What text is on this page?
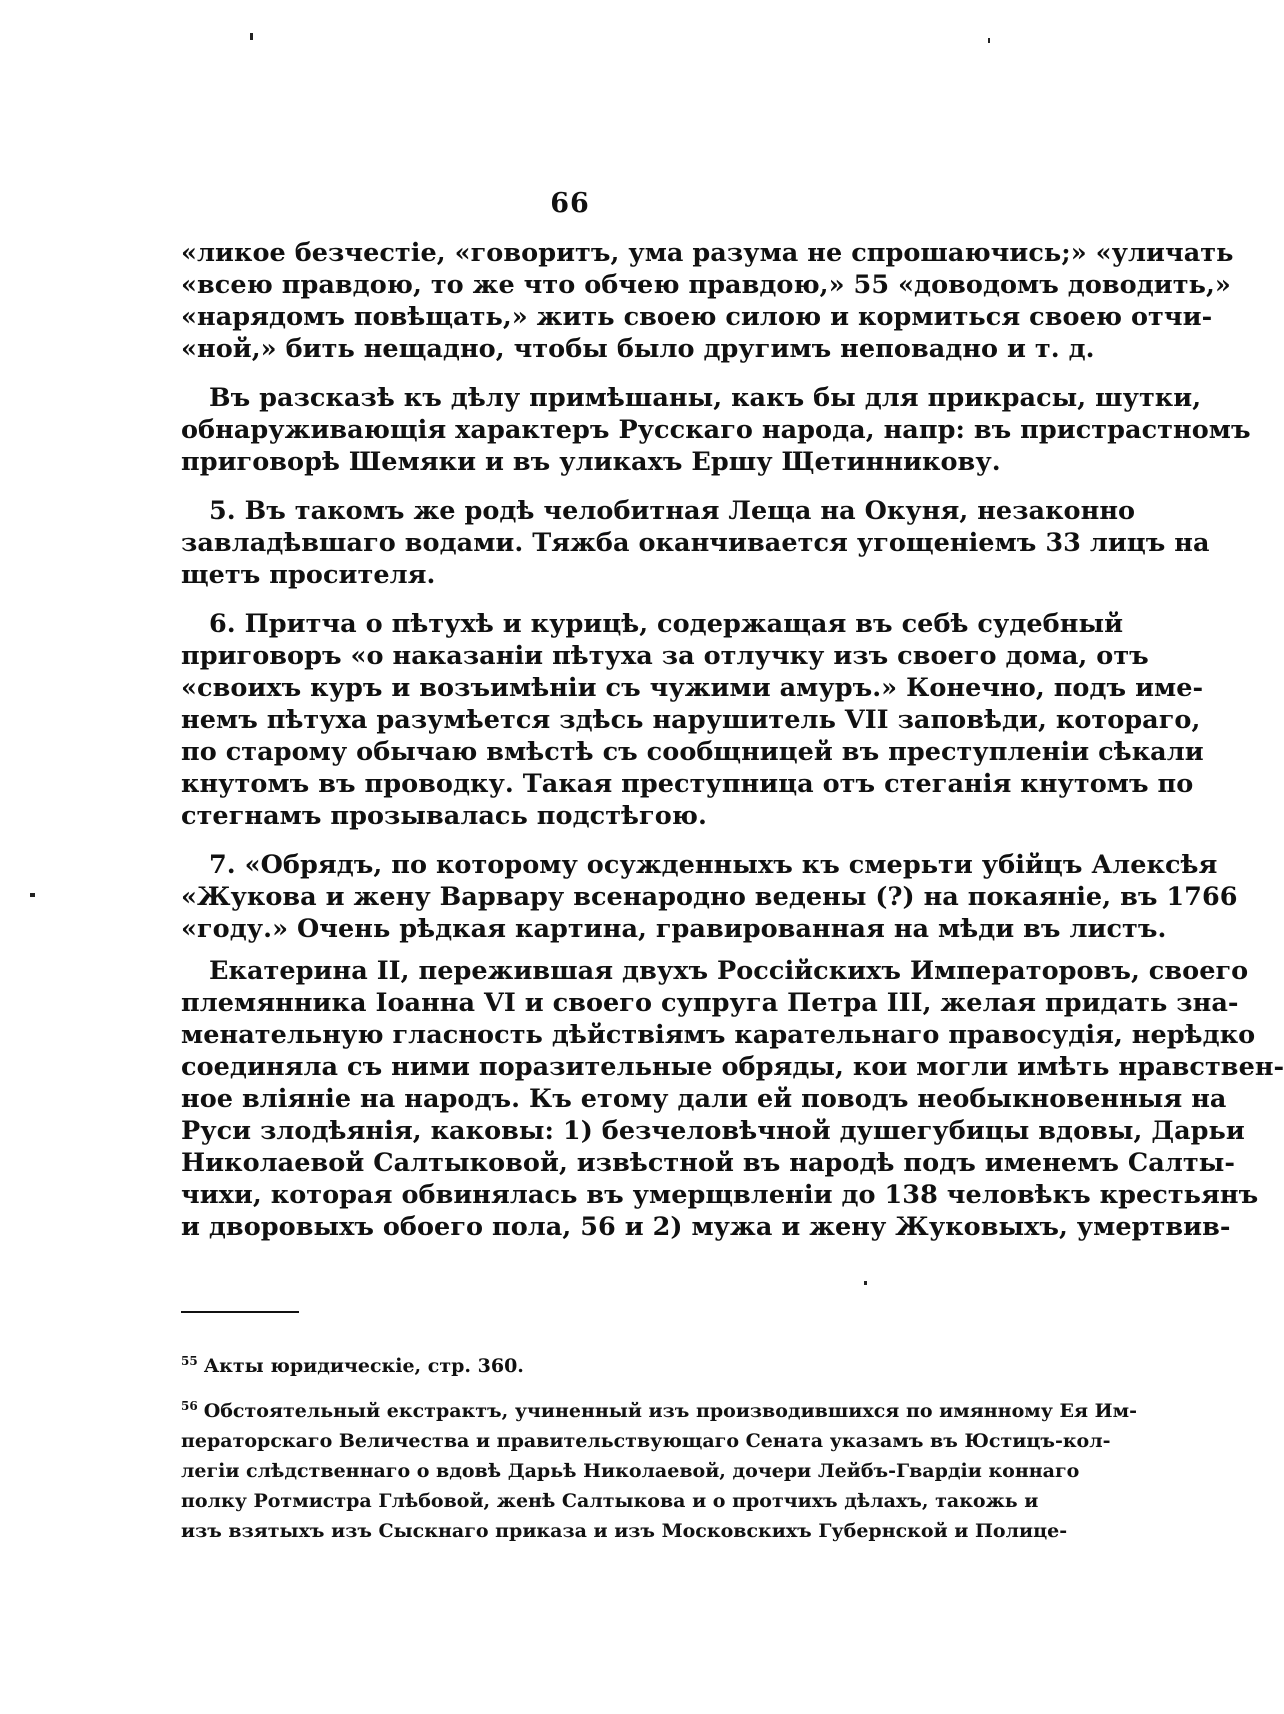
66
«ликое безчестіе, «говоритъ, ума разума не спрошаючись;» «уличать
«всею правдою, то же что обчею правдою,» 55 «доводомъ доводить,»
«нарядомъ повѣщать,» жить своею силою и кормиться своею отчи-
«ной,» бить нещадно, чтобы было другимъ неповадно и т. д.
Въ разсказѣ къ дѣлу примѣшаны, какъ бы для прикрасы, шутки,
обнаруживающія характеръ Русскаго народа, напр: въ пристрастномъ
приговорѣ Шемяки и въ уликахъ Ершу Щетинникову.
5. Въ такомъ же родѣ челобитная Леща на Окуня, незаконно
завладѣвшаго водами. Тяжба оканчивается угощеніемъ 33 лицъ на
щетъ просителя.
6. Притча о пѣтухѣ и курицѣ, содержащая въ себѣ судебный
приговоръ «о наказаніи пѣтуха за отлучку изъ своего дома, отъ
«своихъ куръ и возъимѣніи съ чужими амуръ.» Конечно, подъ име-
немъ пѣтуха разумѣется здѣсь нарушитель VII заповѣди, котораго,
по старому обычаю вмѣстѣ съ сообщницей въ преступленіи сѣкали
кнутомъ въ проводку. Такая преступница отъ стеганія кнутомъ по
стегнамъ прозывалась подстѣгою.
7. «Обрядъ, по которому осужденныхъ къ смерьти убійцъ Алексѣя
«Жукова и жену Варвару всенародно ведены (?) на покаяніе, въ 1766
«году.» Очень рѣдкая картина, гравированная на мѣди въ листъ.
Екатерина II, пережившая двухъ Россійскихъ Императоровъ, своего
племянника Іоанна VI и своего супруга Петра III, желая придать зна-
менательную гласность дѣйствіямъ карательнаго правосудія, нерѣдко
соединяла съ ними поразительные обряды, кои могли имѣть нравствен-
ное вліяніе на народъ. Къ етому дали ей поводъ необыкновенныя на
Руси злодѣянія, каковы: 1) безчеловѣчной душегубицы вдовы, Дарьи
Николаевой Салтыковой, извѣстной въ народѣ подъ именемъ Салты-
чихи, которая обвинялась въ умерщвленіи до 138 человѣкъ крестьянъ
и дворовыхъ обоего пола, 56 и 2) мужа и жену Жуковыхъ, умертвив-
$^{55}$ Акты юридическіе, стр. 360.
$^{56}$ Обстоятельный екстрактъ, учиненный изъ производившихся по имянному Ея Им-
ператорскаго Величества и правительствующаго Сената указамъ въ Юстицъ-кол-
легіи слѣдственнаго о вдовѣ Дарьѣ Николаевой, дочери Лейбъ-Гвардіи коннаго
полку Ротмистра Глѣбовой, женѣ Салтыкова и о протчихъ дѣлахъ, такожь и
изъ взятыхъ изъ Сыскнаго приказа и изъ Московскихъ Губернской и Полице-
